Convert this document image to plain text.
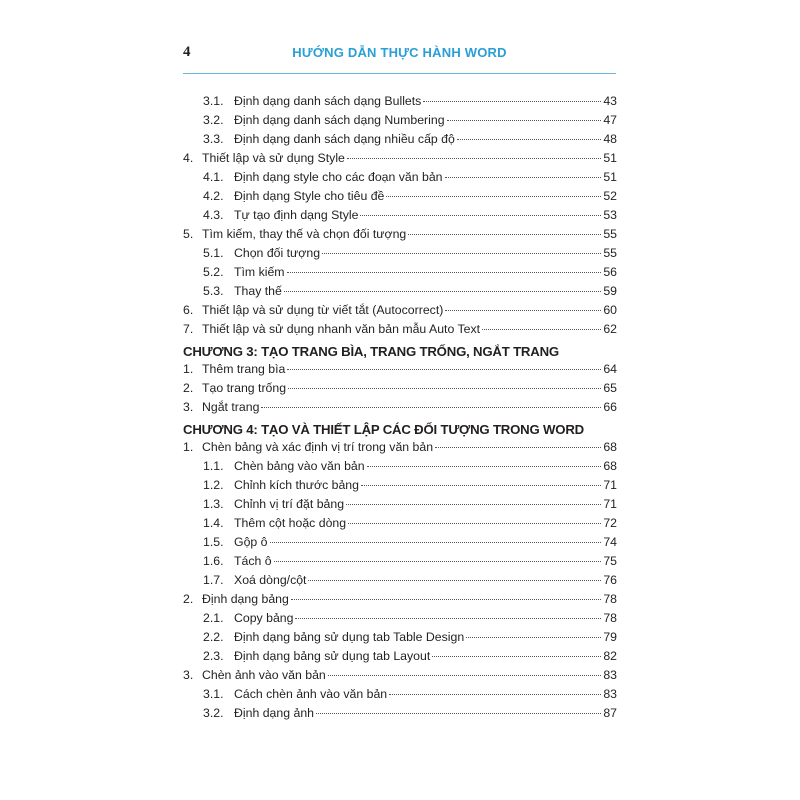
4	HƯỚNG DẪN THỰC HÀNH WORD
3.1. Định dạng danh sách dạng Bullets	43
3.2. Định dạng danh sách dạng Numbering	47
3.3. Định dạng danh sách dạng nhiều cấp độ	48
4. Thiết lập và sử dụng Style	51
4.1. Định dạng style cho các đoạn văn bản	51
4.2. Định dạng Style cho tiêu đề	52
4.3. Tự tạo định dạng Style	53
5. Tìm kiếm, thay thế và chọn đối tượng	55
5.1. Chọn đối tượng	55
5.2. Tìm kiếm	56
5.3. Thay thế	59
6. Thiết lập và sử dụng từ viết tắt (Autocorrect)	60
7. Thiết lập và sử dụng nhanh văn bản mẫu Auto Text	62
CHƯƠNG 3: TẠO TRANG BÌA, TRANG TRỐNG, NGẮT TRANG
1. Thêm trang bìa	64
2. Tạo trang trống	65
3. Ngắt trang	66
CHƯƠNG 4: TẠO VÀ THIẾT LẬP CÁC ĐỐI TƯỢNG TRONG WORD
1. Chèn bảng và xác định vị trí trong văn bản	68
1.1. Chèn bảng vào văn bản	68
1.2. Chỉnh kích thước bảng	71
1.3. Chỉnh vị trí đặt bảng	71
1.4. Thêm cột hoặc dòng	72
1.5. Gộp ô	74
1.6. Tách ô	75
1.7. Xoá dòng/cột	76
2. Định dạng bảng	78
2.1. Copy bảng	78
2.2. Định dạng bảng sử dụng tab Table Design	79
2.3. Định dạng bảng sử dụng tab Layout	82
3. Chèn ảnh vào văn bản	83
3.1. Cách chèn ảnh vào văn bản	83
3.2. Định dạng ảnh	87
